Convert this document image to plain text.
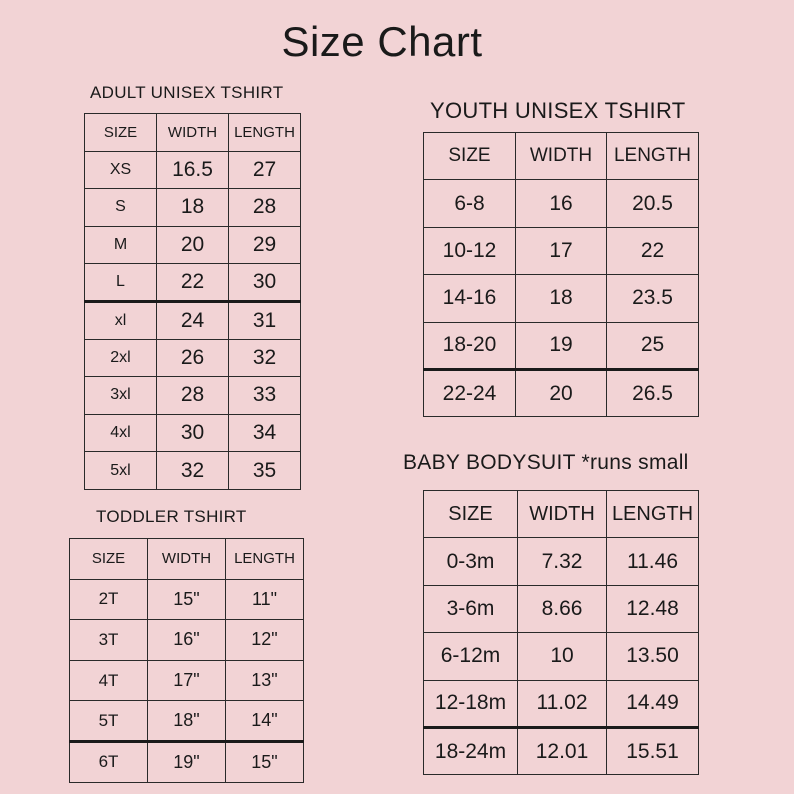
Size Chart
ADULT UNISEX TSHIRT
SIZE	WIDTH	LENGTH
XS	16.5	27
S	18	28
M	20	29
L	22	30
xl	24	31
2xl	26	32
3xl	28	33
4xl	30	34
5xl	32	35
TODDLER TSHIRT
SIZE	WIDTH	LENGTH
2T	15"	11"
3T	16"	12"
4T	17"	13"
5T	18"	14"
6T	19"	15"
YOUTH UNISEX TSHIRT
SIZE	WIDTH	LENGTH
6-8	16	20.5
10-12	17	22
14-16	18	23.5
18-20	19	25
22-24	20	26.5
BABY BODYSUIT *runs small
SIZE	WIDTH	LENGTH
0-3m	7.32	11.46
3-6m	8.66	12.48
6-12m	10	13.50
12-18m	11.02	14.49
18-24m	12.01	15.51
